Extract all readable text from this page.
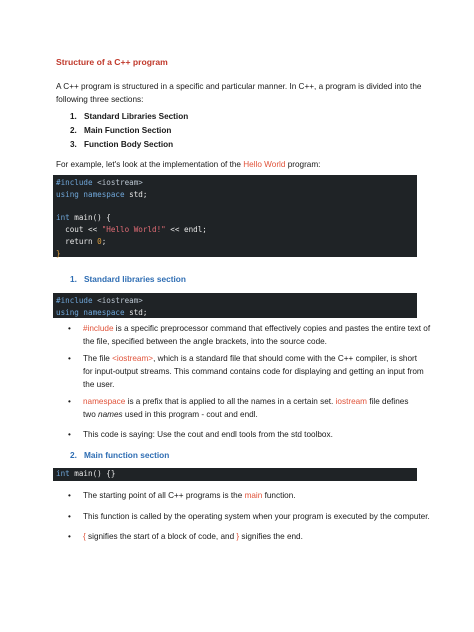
Structure of a C++ program
A C++ program is structured in a specific and particular manner. In C++, a program is divided into the
following three sections:
1. Standard Libraries Section
2. Main Function Section
3. Function Body Section
For example, let's look at the implementation of the Hello World program:
#include <iostream>
using namespace std;

int main() {
cout << "Hello World!" << endl;
return 0;
}
1. Standard libraries section
#include <iostream>
using namespace std;
• #include is a specific preprocessor command that effectively copies and pastes the entire text of
the file, specified between the angle brackets, into the source code.
• The file <iostream>, which is a standard file that should come with the C++ compiler, is short
for input-output streams. This command contains code for displaying and getting an input from
the user.
• namespace is a prefix that is applied to all the names in a certain set. iostream file defines
two names used in this program - cout and endl.
• This code is saying: Use the cout and endl tools from the std toolbox.
2. Main function section
int main() {}
• The starting point of all C++ programs is the main function.
• This function is called by the operating system when your program is executed by the computer.
• { signifies the start of a block of code, and } signifies the end.
